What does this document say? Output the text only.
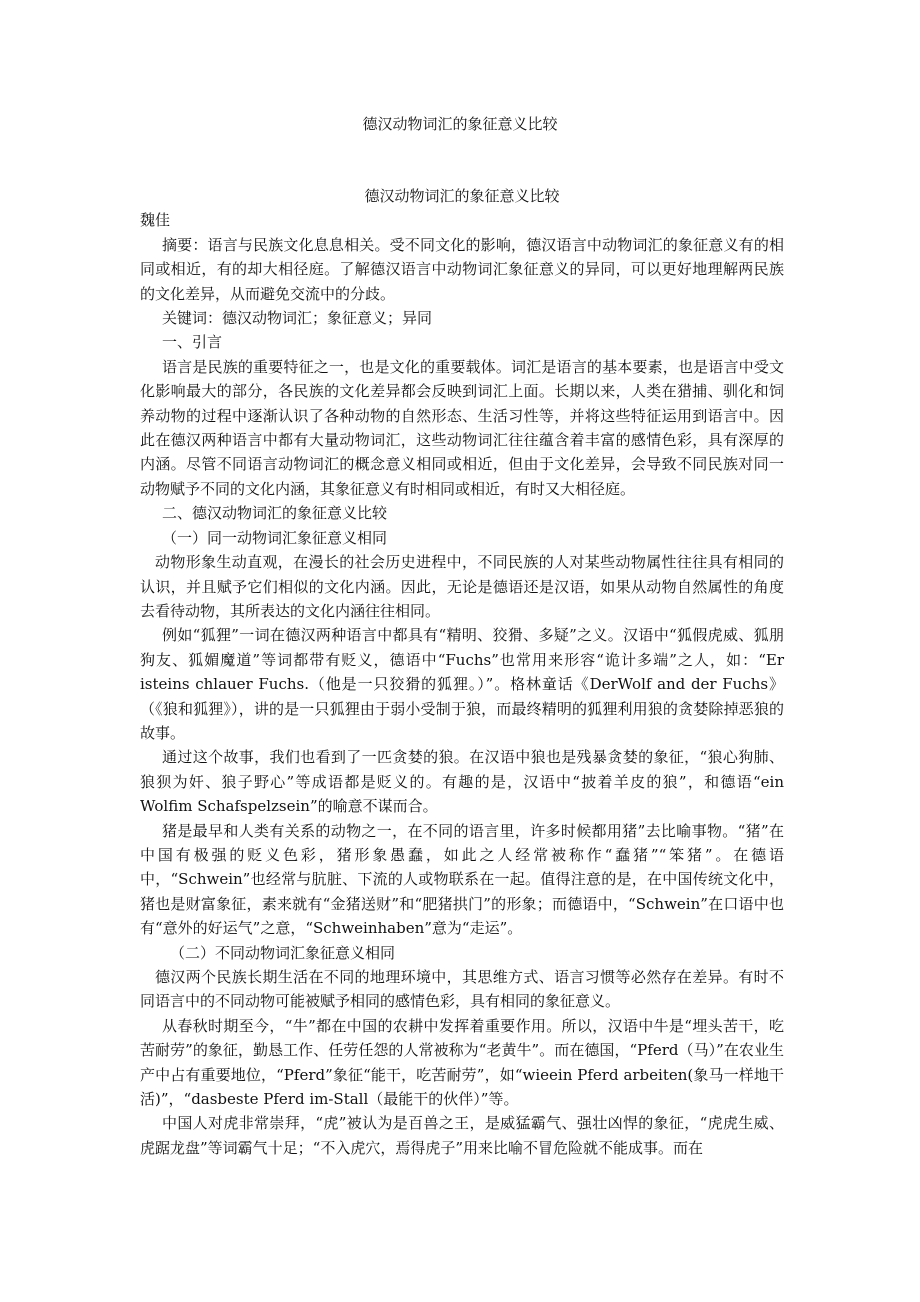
德汉动物词汇的象征意义比较

德汉动物词汇的象征意义比较

魏佳

摘要：语言与民族文化息息相关。受不同文化的影响，德汉语言中动物词汇的象征意义有的相同或相近，有的却大相径庭。了解德汉语言中动物词汇象征意义的异同，可以更好地理解两民族的文化差异，从而避免交流中的分歧。

关键词：德汉动物词汇；象征意义；异同

一、引言

语言是民族的重要特征之一，也是文化的重要载体。词汇是语言的基本要素，也是语言中受文化影响最大的部分，各民族的文化差异都会反映到词汇上面。长期以来，人类在猎捕、驯化和饲养动物的过程中逐渐认识了各种动物的自然形态、生活习性等，并将这些特征运用到语言中。因此在德汉两种语言中都有大量动物词汇，这些动物词汇往往蕴含着丰富的感情色彩，具有深厚的内涵。尽管不同语言动物词汇的概念意义相同或相近，但由于文化差异，会导致不同民族对同一动物赋予不同的文化内涵，其象征意义有时相同或相近，有时又大相径庭。

二、德汉动物词汇的象征意义比较

（一）同一动物词汇象征意义相同

动物形象生动直观，在漫长的社会历史进程中，不同民族的人对某些动物属性往往具有相同的认识，并且赋予它们相似的文化内涵。因此，无论是德语还是汉语，如果从动物自然属性的角度去看待动物，其所表达的文化内涵往往相同。

例如“狐狸”一词在德汉两种语言中都具有“精明、狡猾、多疑”之义。汉语中“狐假虎威、狐朋狗友、狐媚魔道”等词都带有贬义，德语中“Fuchs”也常用来形容“诡计多端”之人，如：“Er isteins chlauer Fuchs.（他是一只狡猾的狐狸。）”。格林童话《DerWolf and der Fuchs》（《狼和狐狸》），讲的是一只狐狸由于弱小受制于狼，而最终精明的狐狸利用狼的贪婪除掉恶狼的故事。

通过这个故事，我们也看到了一匹贪婪的狼。在汉语中狼也是残暴贪婪的象征，“狼心狗肺、狼狈为奸、狼子野心”等成语都是贬义的。有趣的是，汉语中“披着羊皮的狼”，和德语“ein Wolfim Schafspelzsein”的喻意不谋而合。

猪是最早和人类有关系的动物之一，在不同的语言里，许多时候都用猪”去比喻事物。“猪”在中国有极强的贬义色彩，猪形象愚蠢，如此之人经常被称作“蠢猪”“笨猪”。在德语中，“Schwein”也经常与肮脏、下流的人或物联系在一起。值得注意的是，在中国传统文化中，猪也是财富象征，素来就有“金猪送财”和“肥猪拱门”的形象；而德语中，“Schwein”在口语中也有“意外的好运气”之意，“Schweinhaben”意为“走运”。

（二）不同动物词汇象征意义相同

德汉两个民族长期生活在不同的地理环境中，其思维方式、语言习惯等必然存在差异。有时不同语言中的不同动物可能被赋予相同的感情色彩，具有相同的象征意义。

从春秋时期至今，“牛”都在中国的农耕中发挥着重要作用。所以，汉语中牛是“埋头苦干，吃苦耐劳”的象征，勤恳工作、任劳任怨的人常被称为“老黄牛”。而在德国，“Pferd（马）”在农业生产中占有重要地位，“Pferd”象征“能干，吃苦耐劳”，如“wieein Pferd arbeiten(象马一样地干活)”，“dasbeste Pferd im-Stall（最能干的伙伴）”等。

中国人对虎非常崇拜，“虎”被认为是百兽之王，是威猛霸气、强壮凶悍的象征，“虎虎生威、虎踞龙盘”等词霸气十足；“不入虎穴，焉得虎子”用来比喻不冒危险就不能成事。而在
